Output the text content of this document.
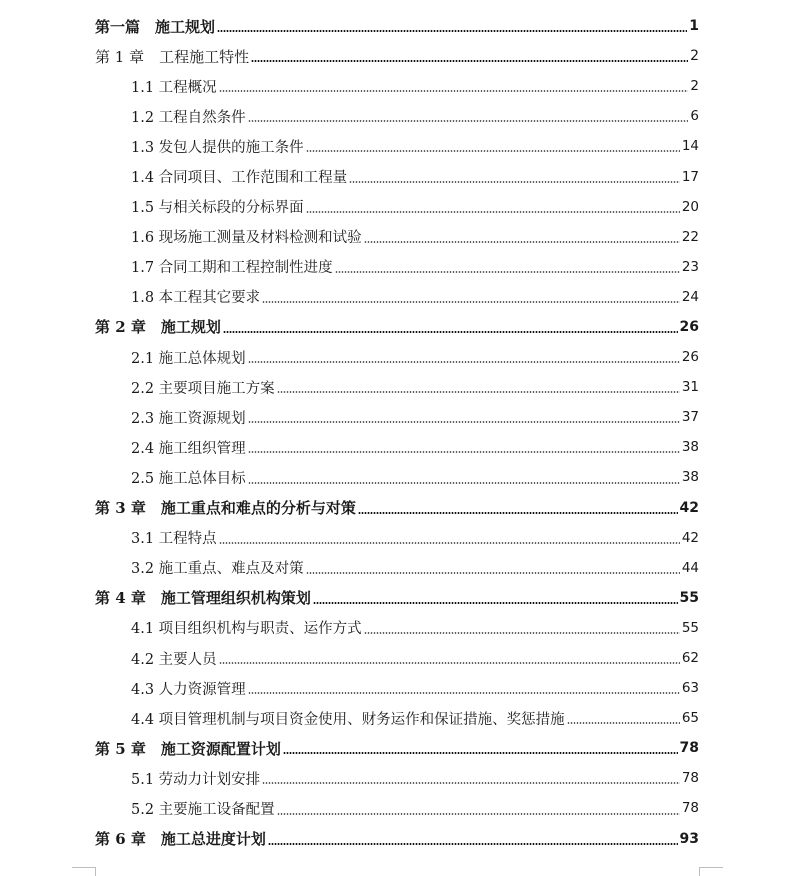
第一篇　施工规划	1
第 1 章　工程施工特性	2
1.1 工程概况	2
1.2 工程自然条件	6
1.3 发包人提供的施工条件	14
1.4 合同项目、工作范围和工程量	17
1.5 与相关标段的分标界面	20
1.6 现场施工测量及材料检测和试验	22
1.7 合同工期和工程控制性进度	23
1.8 本工程其它要求	24
第 2 章　施工规划	26
2.1 施工总体规划	26
2.2 主要项目施工方案	31
2.3 施工资源规划	37
2.4 施工组织管理	38
2.5 施工总体目标	38
第 3 章　施工重点和难点的分析与对策	42
3.1 工程特点	42
3.2 施工重点、难点及对策	44
第 4 章　施工管理组织机构策划	55
4.1 项目组织机构与职责、运作方式	55
4.2 主要人员	62
4.3 人力资源管理	63
4.4 项目管理机制与项目资金使用、财务运作和保证措施、奖惩措施	65
第 5 章　施工资源配置计划	78
5.1 劳动力计划安排	78
5.2 主要施工设备配置	78
第 6 章　施工总进度计划	93
